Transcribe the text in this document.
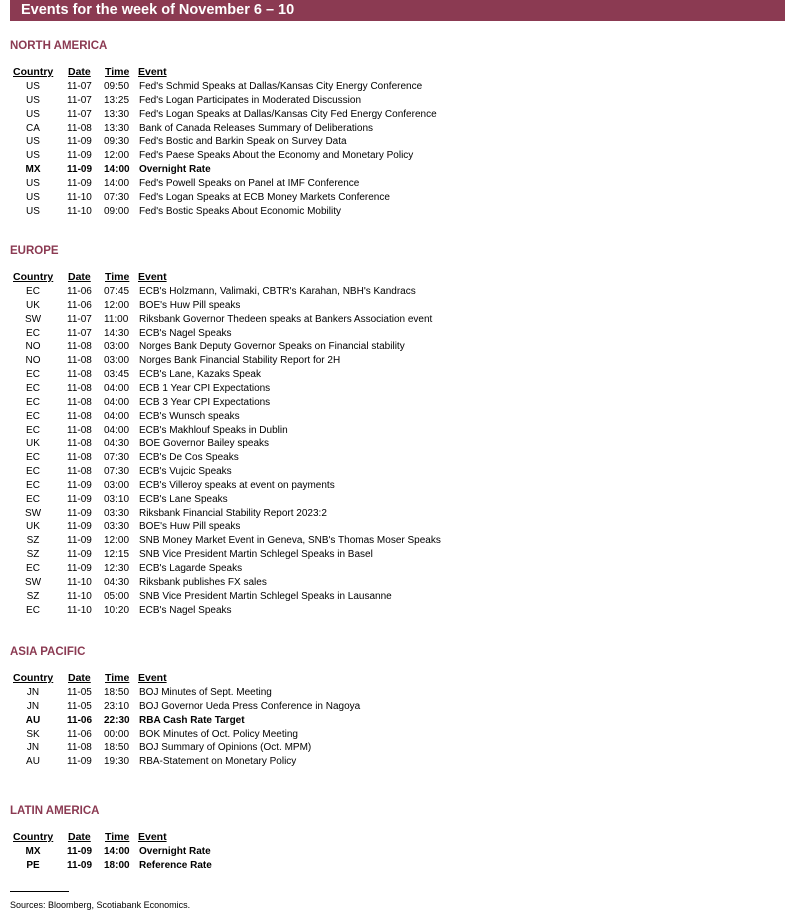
Events for the week of November 6 – 10
NORTH AMERICA
Country Date Time Event
US	11-07 09:50 Fed's Schmid Speaks at Dallas/Kansas City Energy Conference
US	11-07 13:25 Fed's Logan Participates in Moderated Discussion
US	11-07 13:30 Fed's Logan Speaks at Dallas/Kansas City Fed Energy Conference
CA	11-08 13:30 Bank of Canada Releases Summary of Deliberations
US	11-09 09:30 Fed's Bostic and Barkin Speak on Survey Data
US	11-09 12:00 Fed's Paese Speaks About the Economy and Monetary Policy
MX	11-09 14:00 Overnight Rate
US	11-09 14:00 Fed's Powell Speaks on Panel at IMF Conference
US	11-10 07:30 Fed's Logan Speaks at ECB Money Markets Conference
US	11-10 09:00 Fed's Bostic Speaks About Economic Mobility
EUROPE
Country Date Time Event
EC	11-06 07:45 ECB's Holzmann, Valimaki, CBTR's Karahan, NBH's Kandracs
UK	11-06 12:00 BOE's Huw Pill speaks
SW	11-07 11:00 Riksbank Governor Thedeen speaks at Bankers Association event
EC	11-07 14:30 ECB's Nagel Speaks
NO	11-08 03:00 Norges Bank Deputy Governor Speaks on Financial stability
NO	11-08 03:00 Norges Bank Financial Stability Report for 2H
EC	11-08 03:45 ECB's Lane, Kazaks Speak
EC	11-08 04:00 ECB 1 Year CPI Expectations
EC	11-08 04:00 ECB 3 Year CPI Expectations
EC	11-08 04:00 ECB's Wunsch speaks
EC	11-08 04:00 ECB's Makhlouf Speaks in Dublin
UK	11-08 04:30 BOE Governor Bailey speaks
EC	11-08 07:30 ECB's De Cos Speaks
EC	11-08 07:30 ECB's Vujcic Speaks
EC	11-09 03:00 ECB's Villeroy speaks at event on payments
EC	11-09 03:10 ECB's Lane Speaks
SW	11-09 03:30 Riksbank Financial Stability Report 2023:2
UK	11-09 03:30 BOE's Huw Pill speaks
SZ	11-09 12:00 SNB Money Market Event in Geneva, SNB's Thomas Moser Speaks
SZ	11-09 12:15 SNB Vice President Martin Schlegel Speaks in Basel
EC	11-09 12:30 ECB's Lagarde Speaks
SW	11-10 04:30 Riksbank publishes FX sales
SZ	11-10 05:00 SNB Vice President Martin Schlegel Speaks in Lausanne
EC	11-10 10:20 ECB's Nagel Speaks
ASIA PACIFIC
Country Date Time Event
JN	11-05 18:50 BOJ Minutes of Sept. Meeting
JN	11-05 23:10 BOJ Governor Ueda Press Conference in Nagoya
AU	11-06 22:30 RBA Cash Rate Target
SK	11-06 00:00 BOK Minutes of Oct. Policy Meeting
JN	11-08 18:50 BOJ Summary of Opinions (Oct. MPM)
AU	11-09 19:30 RBA-Statement on Monetary Policy
LATIN AMERICA
Country Date Time Event
MX	11-09 14:00 Overnight Rate
PE	11-09 18:00 Reference Rate
Sources: Bloomberg, Scotiabank Economics.
